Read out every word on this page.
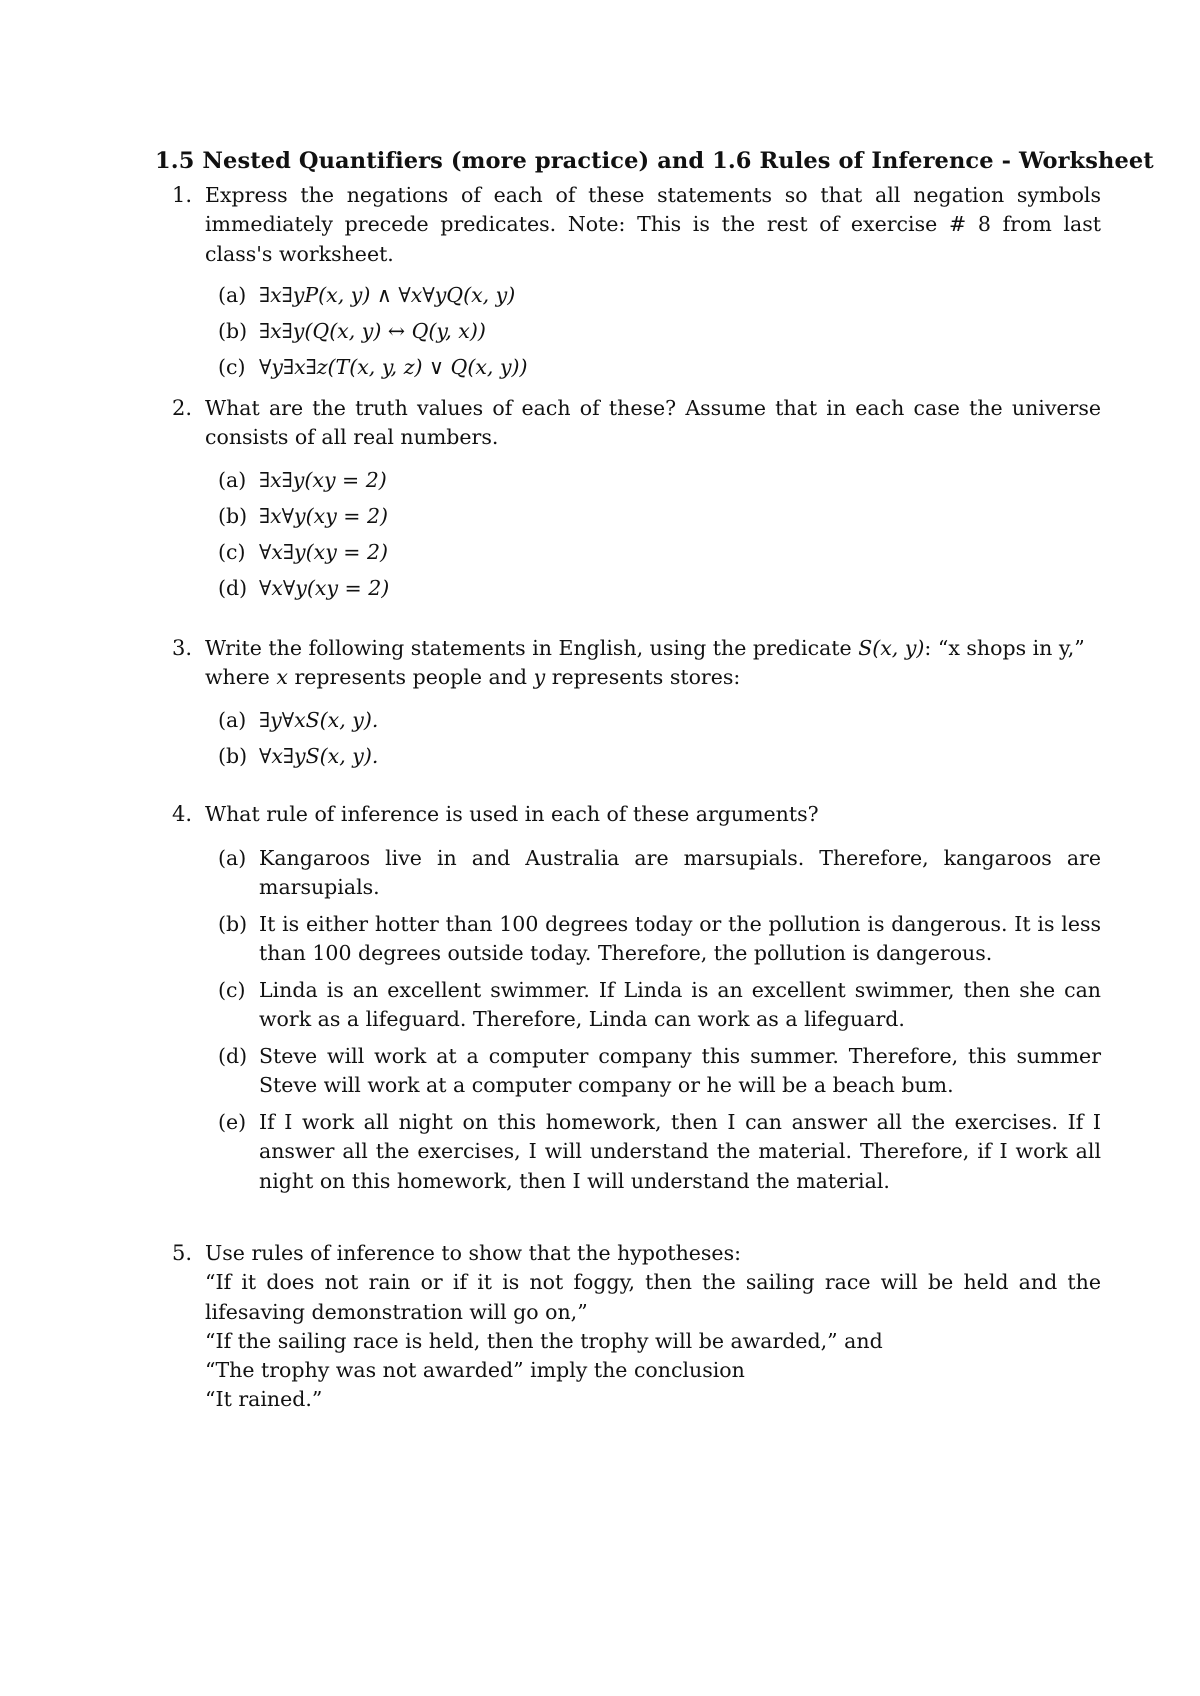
1.5 Nested Quantifiers (more practice) and 1.6 Rules of Inference - Worksheet
1. Express the negations of each of these statements so that all negation symbols immediately precede predicates. Note: This is the rest of exercise # 8 from last class's worksheet.
(a) ∃x∃yP(x, y) ∧ ∀x∀yQ(x, y)
(b) ∃x∃y(Q(x, y) ↔ Q(y, x))
(c) ∀y∃x∃z(T(x, y, z) ∨ Q(x, y))
2. What are the truth values of each of these? Assume that in each case the universe consists of all real numbers.
(a) ∃x∃y(xy = 2)
(b) ∃x∀y(xy = 2)
(c) ∀x∃y(xy = 2)
(d) ∀x∀y(xy = 2)
3. Write the following statements in English, using the predicate S(x, y): “x shops in y,”
where x represents people and y represents stores:
(a) ∃y∀xS(x, y).
(b) ∀x∃yS(x, y).
4. What rule of inference is used in each of these arguments?
(a) Kangaroos live in and Australia are marsupials. Therefore, kangaroos are marsupials.
(b) It is either hotter than 100 degrees today or the pollution is dangerous. It is less than 100 degrees outside today. Therefore, the pollution is dangerous.
(c) Linda is an excellent swimmer. If Linda is an excellent swimmer, then she can work as a lifeguard. Therefore, Linda can work as a lifeguard.
(d) Steve will work at a computer company this summer. Therefore, this summer Steve will work at a computer company or he will be a beach bum.
(e) If I work all night on this homework, then I can answer all the exercises. If I answer all the exercises, I will understand the material. Therefore, if I work all night on this homework, then I will understand the material.
5. Use rules of inference to show that the hypotheses:
“If it does not rain or if it is not foggy, then the sailing race will be held and the lifesaving demonstration will go on,”
“If the sailing race is held, then the trophy will be awarded,” and
“The trophy was not awarded” imply the conclusion
“It rained.”
